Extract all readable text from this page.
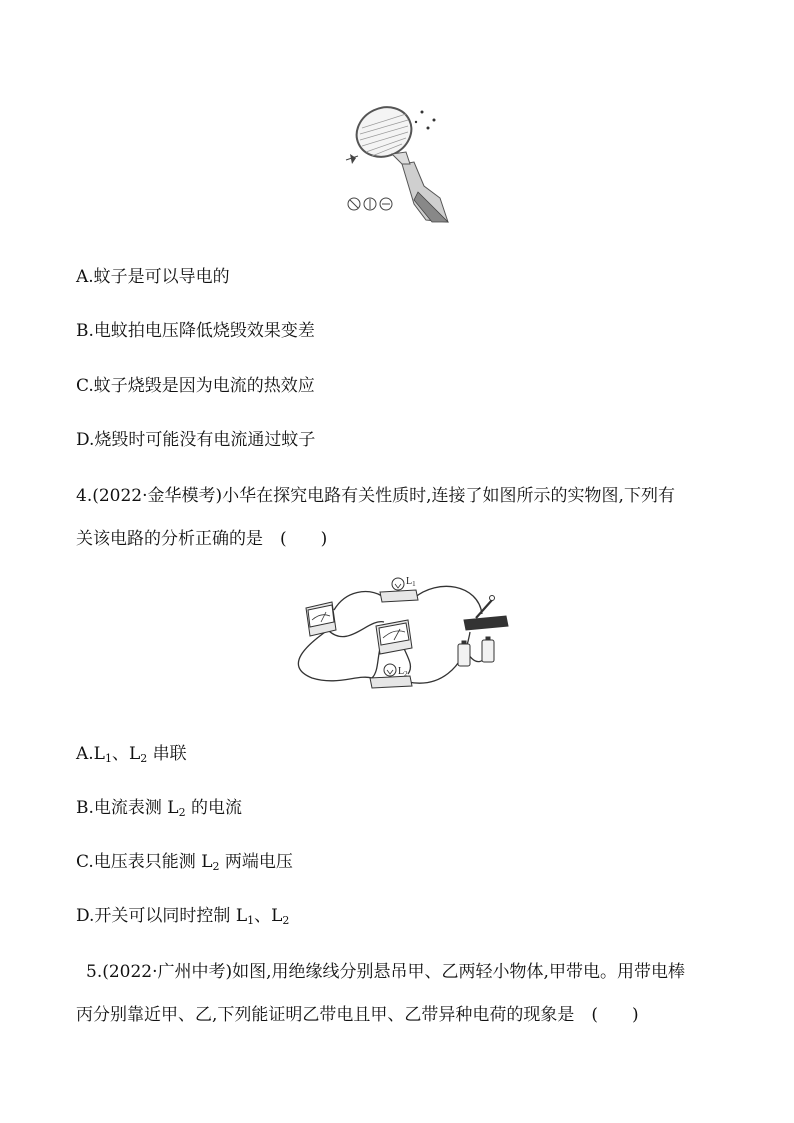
A.蚊子是可以导电的
B.电蚊拍电压降低烧毁效果变差
C.蚊子烧毁是因为电流的热效应
D.烧毁时可能没有电流通过蚊子
4.(2022·金华模考)小华在探究电路有关性质时,连接了如图所示的实物图,下列有
关该电路的分析正确的是　(　　)
$L_1$
$L_2$
$A.L_1$、$L_2$ 串联
B.电流表测 $L_2$ 的电流
C.电压表只能测 $L_2$ 两端电压
D.开关可以同时控制 $L_1$、$L_2$
5.(2022·广州中考)如图,用绝缘线分别悬吊甲、乙两轻小物体,甲带电。用带电棒
丙分别靠近甲、乙,下列能证明乙带电且甲、乙带异种电荷的现象是　(　　)
